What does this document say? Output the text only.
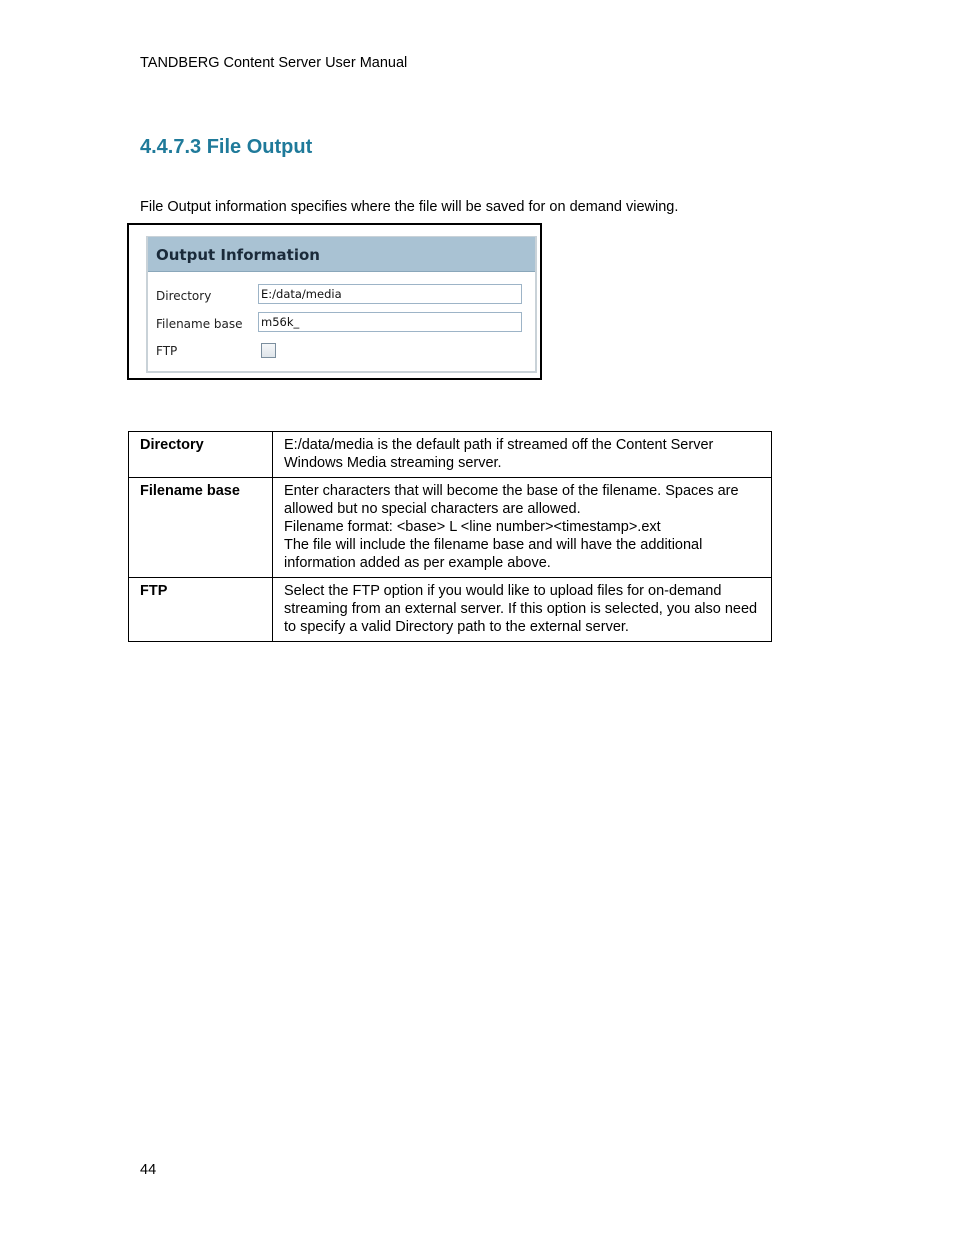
TANDBERG Content Server User Manual
4.4.7.3 File Output

File Output information specifies where the file will be saved for on demand viewing.

Output Information
Directory	E:/data/media
Filename base m56k_
FTP
Directory	E:/data/media is the default path if streamed off the Content Server Windows Media streaming server.

Filename base	Enter characters that will become the base of the filename. Spaces are allowed but no special characters are allowed.
Filename format: <base> L <line number><timestamp>.ext
The file will include the filename base and will have the additional information added as per example above.

FTP	Select the FTP option if you would like to upload files for on-demand streaming from an external server. If this option is selected, you also need to specify a valid Directory path to the external server.
44
